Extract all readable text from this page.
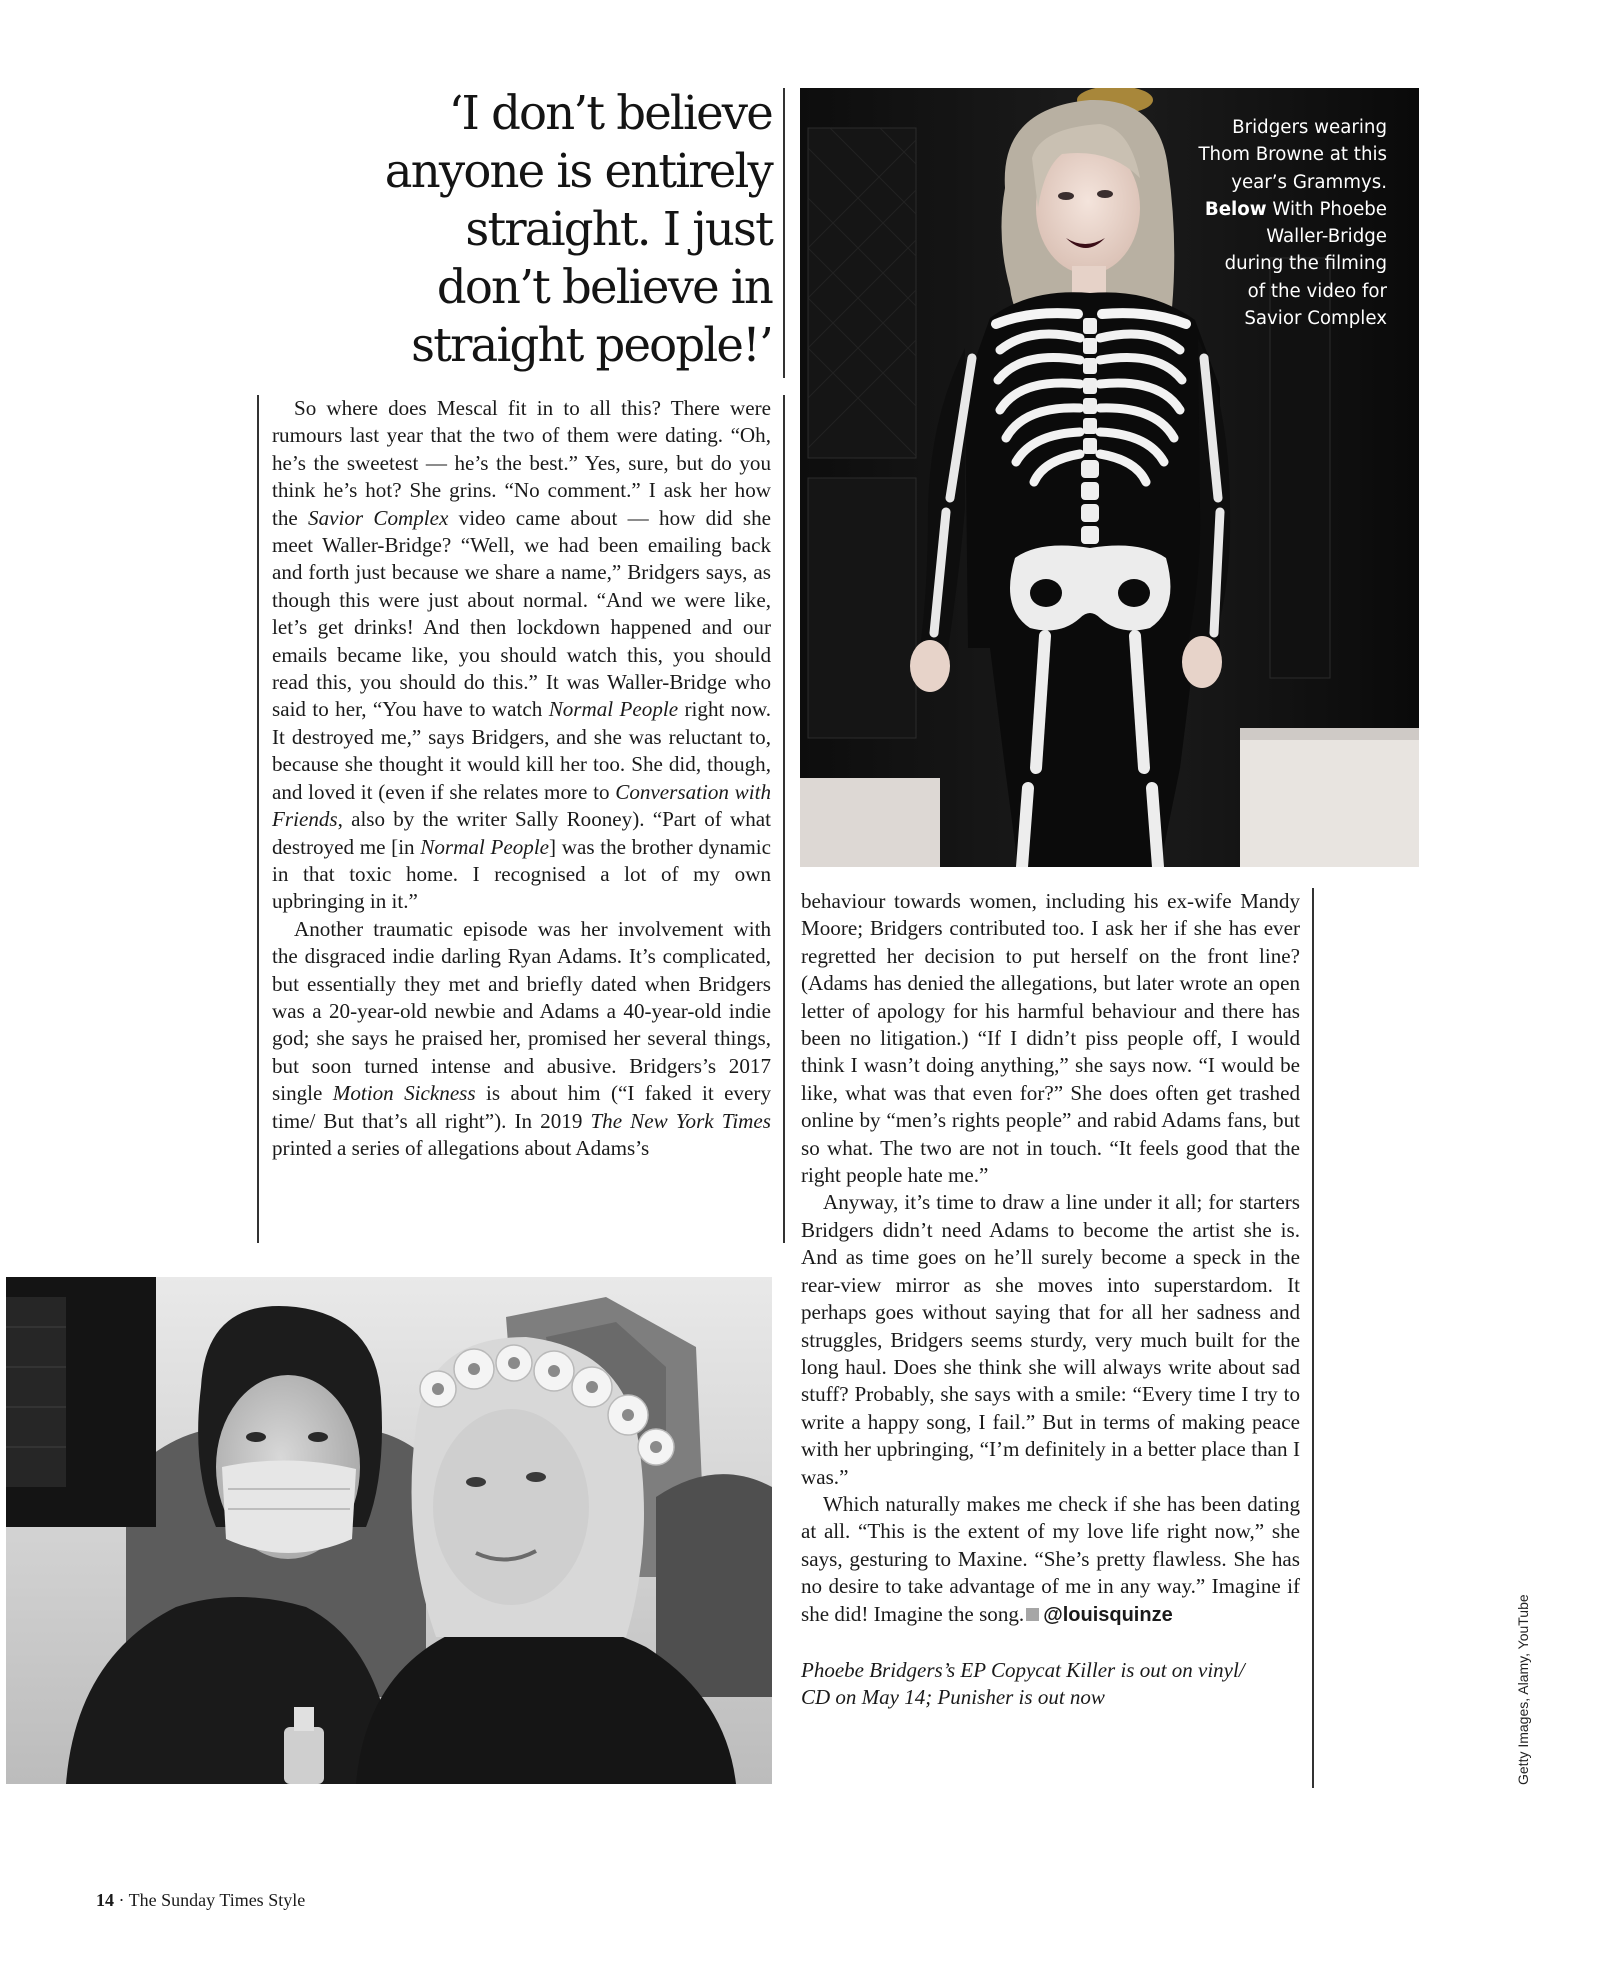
‘I don’t believe
anyone is entirely
straight. I just
don’t believe in
straight people!’

So where does Mescal fit in to all this? There were rumours last year that the two of them were dating. “Oh, he’s the sweetest — he’s the best.” Yes, sure, but do you think he’s hot? She grins. “No comment.” I ask her how the Savior Complex video came about — how did she meet Waller-Bridge? “Well, we had been emailing back and forth just because we share a name,” Bridgers says, as though this were just about normal. “And we were like, let’s get drinks! And then lockdown happened and our emails became like, you should watch this, you should read this, you should do this.” It was Waller-Bridge who said to her, “You have to watch Normal People right now. It destroyed me,” says Bridgers, and she was reluctant to, because she thought it would kill her too. She did, though, and loved it (even if she relates more to Conversation with Friends, also by the writer Sally Rooney). “Part of what destroyed me [in Normal People] was the brother dynamic in that toxic home. I recognised a lot of my own upbringing in it.”

Another traumatic episode was her involvement with the disgraced indie darling Ryan Adams. It’s complicated, but essentially they met and briefly dated when Bridgers was a 20-year-old newbie and Adams a 40-year-old indie god; she says he praised her, promised her several things, but soon turned intense and abusive. Bridgers’s 2017 single Motion Sickness is about him (“I faked it every time/ But that’s all right”). In 2019 The New York Times printed a series of allegations about Adams’s

Bridgers wearing
Thom Browne at this
year’s Grammys.
Below With Phoebe
Waller-Bridge
during the filming
of the video for
Savior Complex

behaviour towards women, including his ex-wife Mandy Moore; Bridgers contributed too. I ask her if she has ever regretted her decision to put herself on the front line? (Adams has denied the allegations, but later wrote an open letter of apology for his harmful behaviour and there has been no litigation.) “If I didn’t piss people off, I would think I wasn’t doing anything,” she says now. “I would be like, what was that even for?” She does often get trashed online by “men’s rights people” and rabid Adams fans, but so what. The two are not in touch. “It feels good that the right people hate me.”

Anyway, it’s time to draw a line under it all; for starters Bridgers didn’t need Adams to become the artist she is. And as time goes on he’ll surely become a speck in the rear-view mirror as she moves into superstardom. It perhaps goes without saying that for all her sadness and struggles, Bridgers seems sturdy, very much built for the long haul. Does she think she will always write about sad stuff? Probably, she says with a smile: “Every time I try to write a happy song, I fail.” But in terms of making peace with her upbringing, “I’m definitely in a better place than I was.”

Which naturally makes me check if she has been dating at all. “This is the extent of my love life right now,” she says, gesturing to Maxine. “She’s pretty flawless. She has no desire to take advantage of me in any way.” Imagine if she did! Imagine the song. @louisquinze

Phoebe Bridgers’s EP Copycat Killer is out on vinyl/
CD on May 14; Punisher is out now	Getty Images, Alamy, YouTube
14 · The Sunday Times Style
